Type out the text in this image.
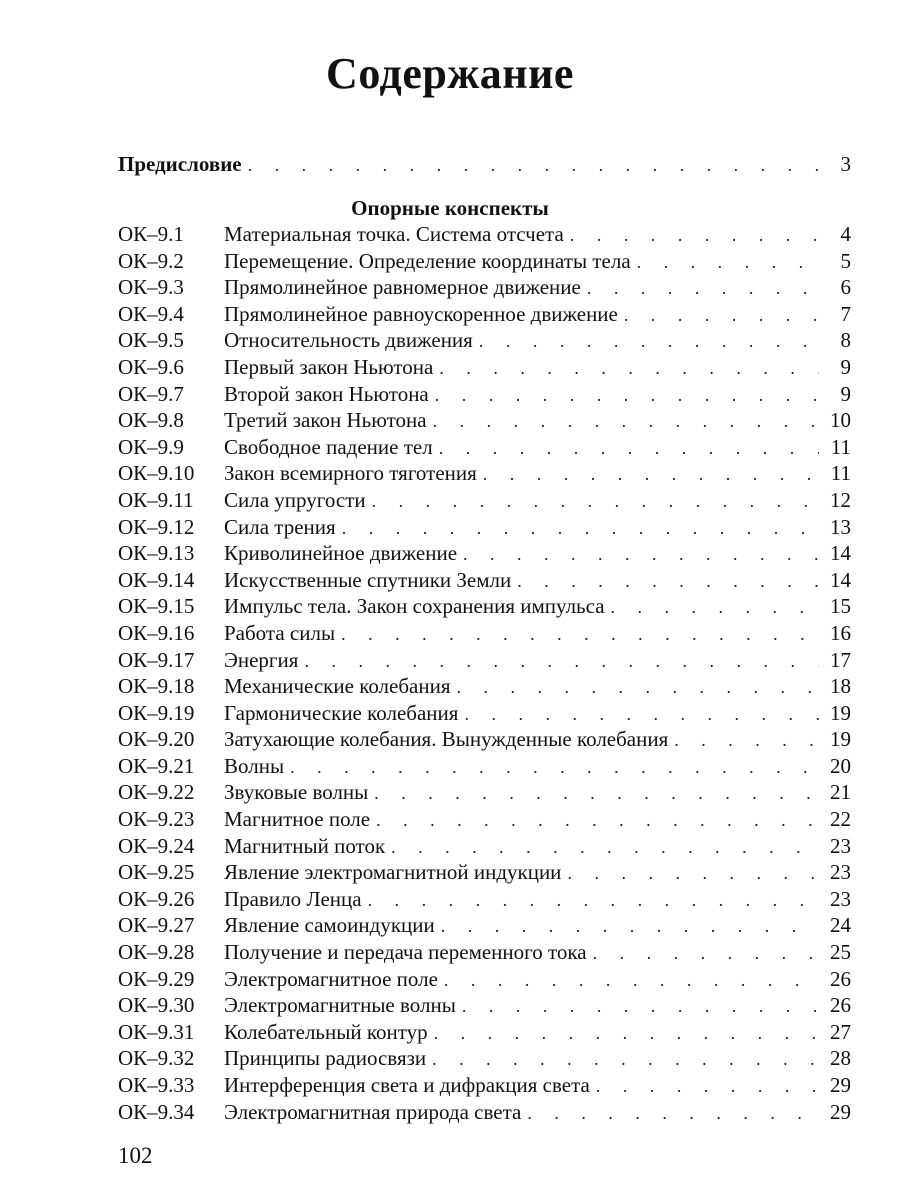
Содержание
Предисловие . . .	3
Опорные конспекты
ОК–9.1	Материальная точка. Система отсчета . . .	4
ОК–9.2	Перемещение. Определение координаты тела . . .	5
ОК–9.3	Прямолинейное равномерное движение . . .	6
ОК–9.4	Прямолинейное равноускоренное движение . . .	7
ОК–9.5	Относительность движения . . .	8
ОК–9.6	Первый закон Ньютона . . .	9
ОК–9.7	Второй закон Ньютона . . .	9
ОК–9.8	Третий закон Ньютона . . .	10
ОК–9.9	Свободное падение тел . . .	11
ОК–9.10	Закон всемирного тяготения . . .	11
ОК–9.11	Сила упругости . . .	12
ОК–9.12	Сила трения . . .	13
ОК–9.13	Криволинейное движение . . .	14
ОК–9.14	Искусственные спутники Земли . . .	14
ОК–9.15	Импульс тела. Закон сохранения импульса . . .	15
ОК–9.16	Работа силы . . .	16
ОК–9.17	Энергия . . .	17
ОК–9.18	Механические колебания . . .	18
ОК–9.19	Гармонические колебания . . .	19
ОК–9.20	Затухающие колебания. Вынужденные колебания . . .	19
ОК–9.21	Волны . . .	20
ОК–9.22	Звуковые волны . . .	21
ОК–9.23	Магнитное поле . . .	22
ОК–9.24	Магнитный поток . . .	23
ОК–9.25	Явление электромагнитной индукции . . .	23
ОК–9.26	Правило Ленца . . .	23
ОК–9.27	Явление самоиндукции . . .	24
ОК–9.28	Получение и передача переменного тока . . .	25
ОК–9.29	Электромагнитное поле . . .	26
ОК–9.30	Электромагнитные волны . . .	26
ОК–9.31	Колебательный контур . . .	27
ОК–9.32	Принципы радиосвязи . . .	28
ОК–9.33	Интерференция света и дифракция света . . .	29
ОК–9.34	Электромагнитная природа света . . .	29
102
